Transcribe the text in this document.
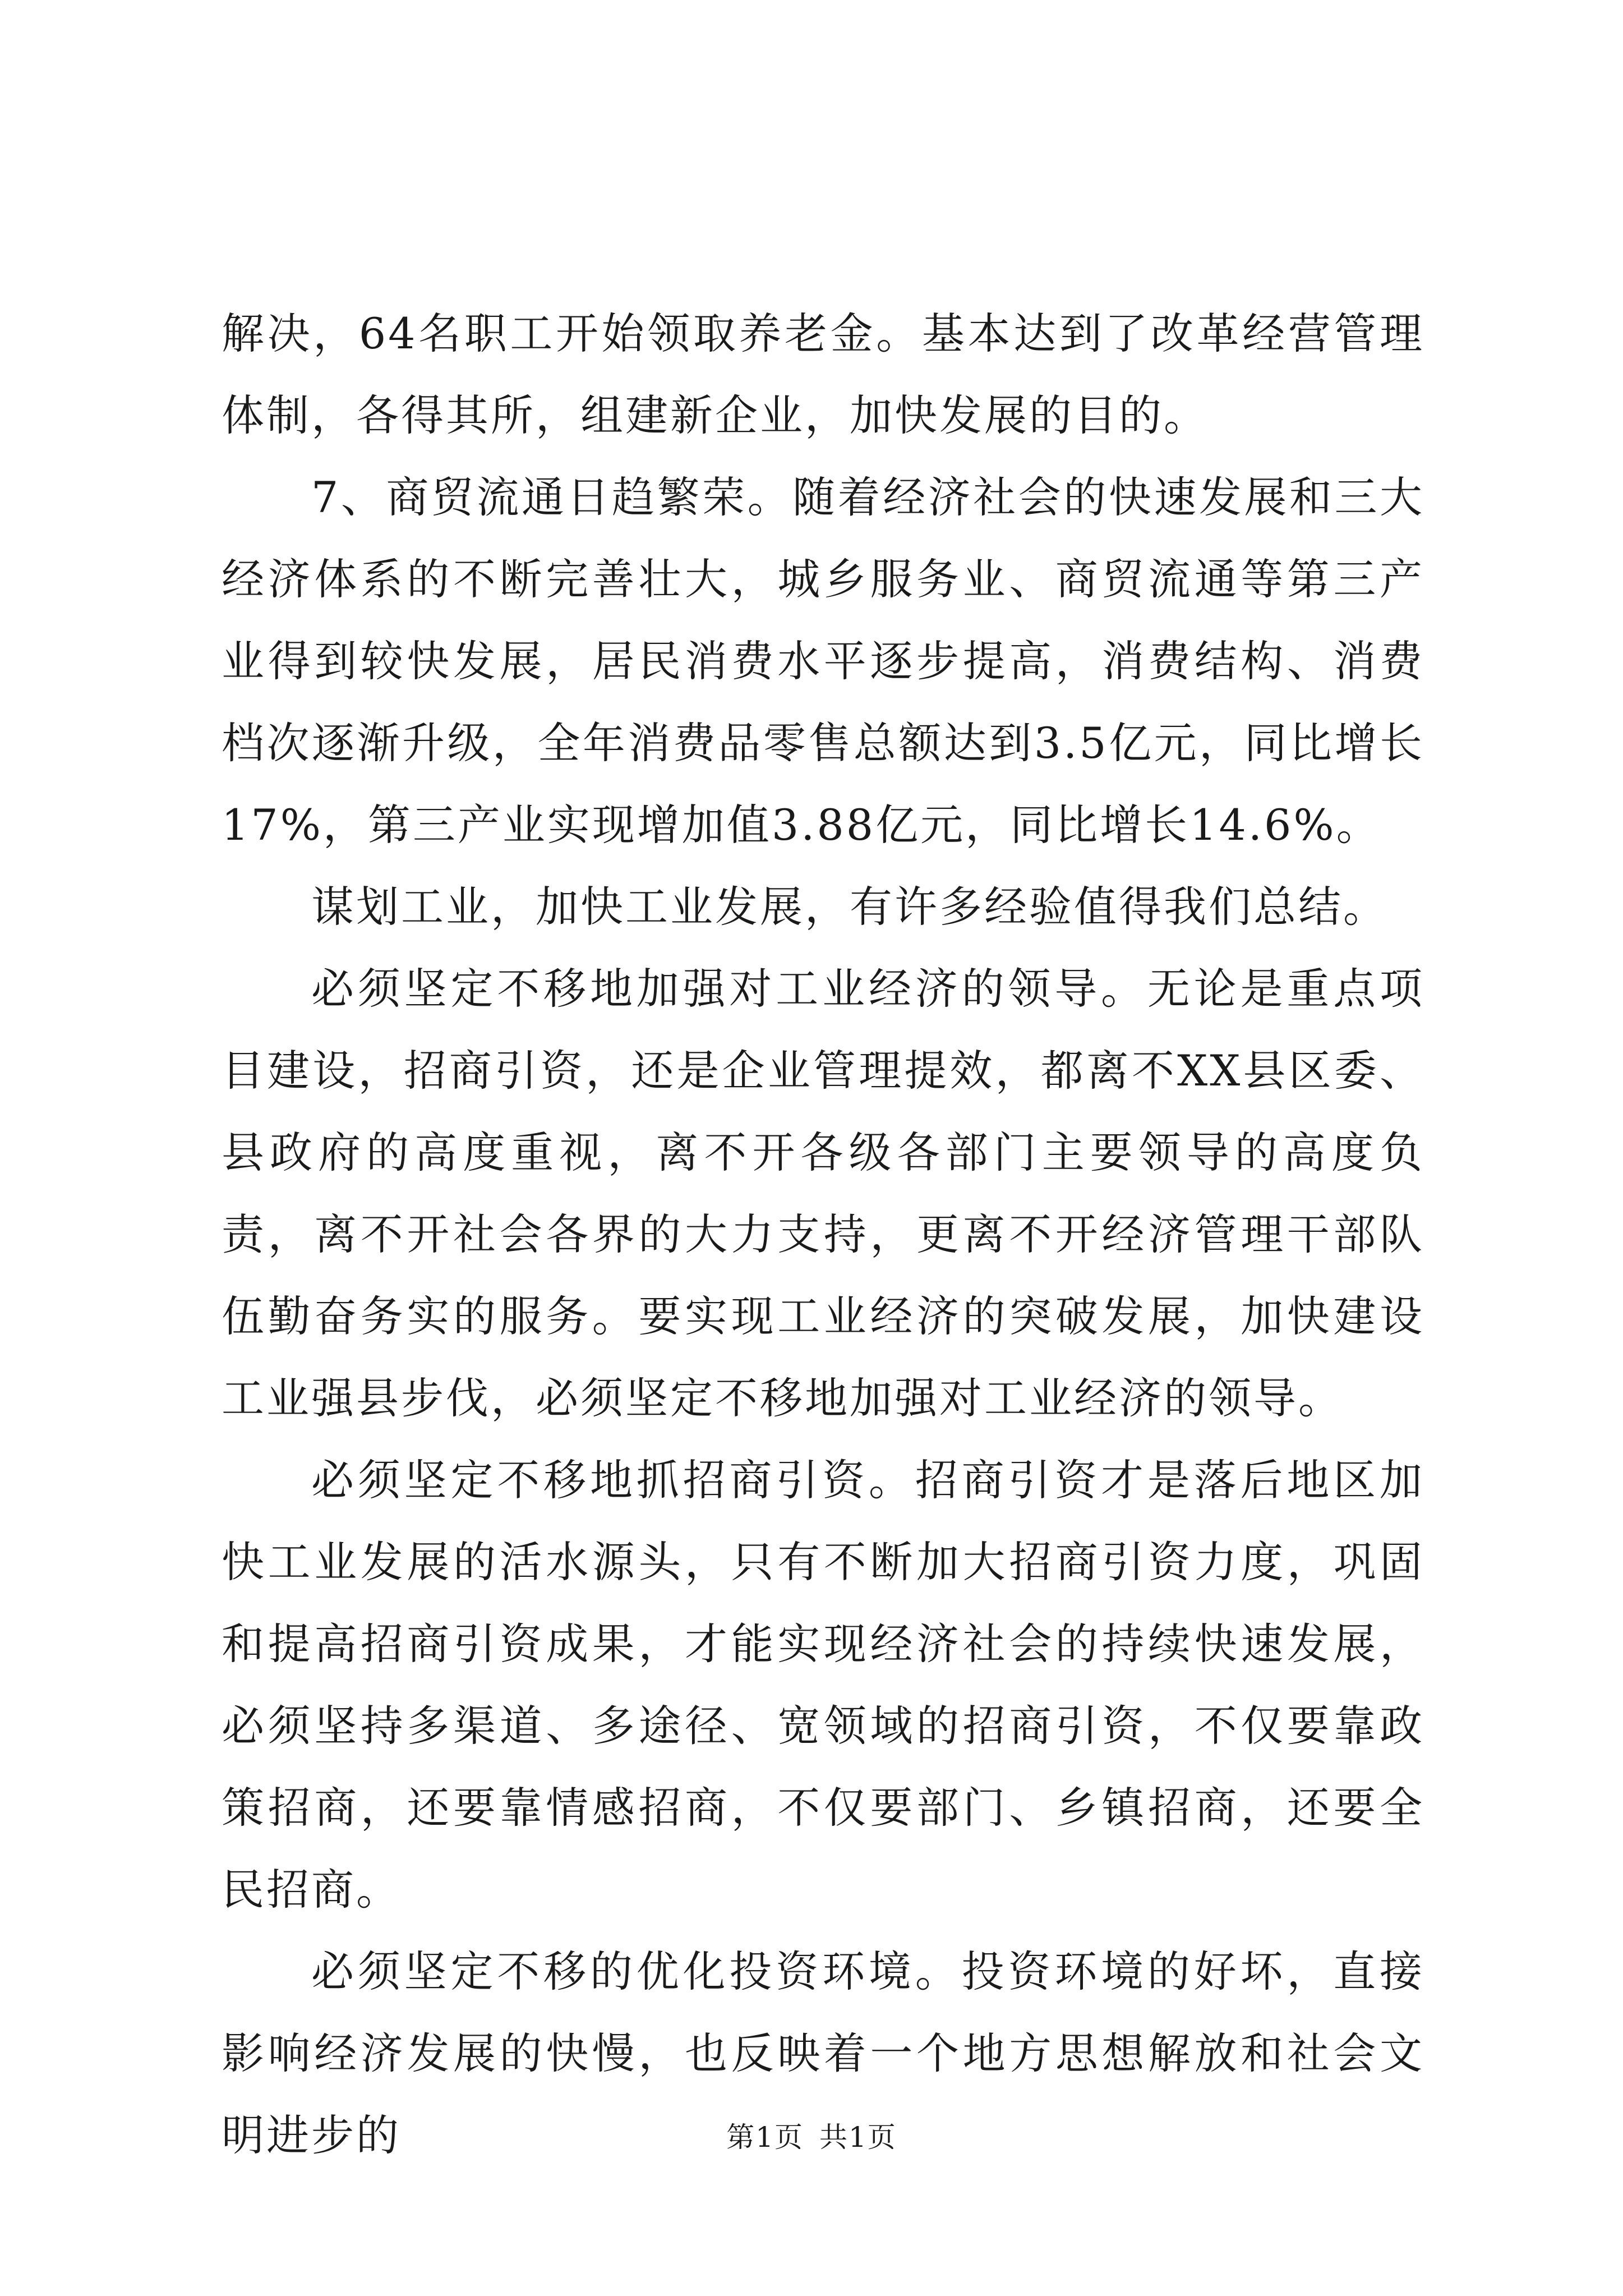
解决，64名职工开始领取养老金。基本达到了改革经营管理体制，各得其所，组建新企业，加快发展的目的。

7、商贸流通日趋繁荣。随着经济社会的快速发展和三大经济体系的不断完善壮大，城乡服务业、商贸流通等第三产业得到较快发展，居民消费水平逐步提高，消费结构、消费档次逐渐升级，全年消费品零售总额达到3.5亿元，同比增长17%，第三产业实现增加值3.88亿元，同比增长14.6%。

谋划工业，加快工业发展，有许多经验值得我们总结。

必须坚定不移地加强对工业经济的领导。无论是重点项目建设，招商引资，还是企业管理提效，都离不XX县区委、县政府的高度重视，离不开各级各部门主要领导的高度负责，离不开社会各界的大力支持，更离不开经济管理干部队伍勤奋务实的服务。要实现工业经济的突破发展，加快建设工业强县步伐，必须坚定不移地加强对工业经济的领导。

必须坚定不移地抓招商引资。招商引资才是落后地区加快工业发展的活水源头，只有不断加大招商引资力度，巩固和提高招商引资成果，才能实现经济社会的持续快速发展，必须坚持多渠道、多途径、宽领域的招商引资，不仅要靠政策招商，还要靠情感招商，不仅要部门、乡镇招商，还要全民招商。

必须坚定不移的优化投资环境。投资环境的好坏，直接影响经济发展的快慢，也反映着一个地方思想解放和社会文明进步的	第1页 共1页
